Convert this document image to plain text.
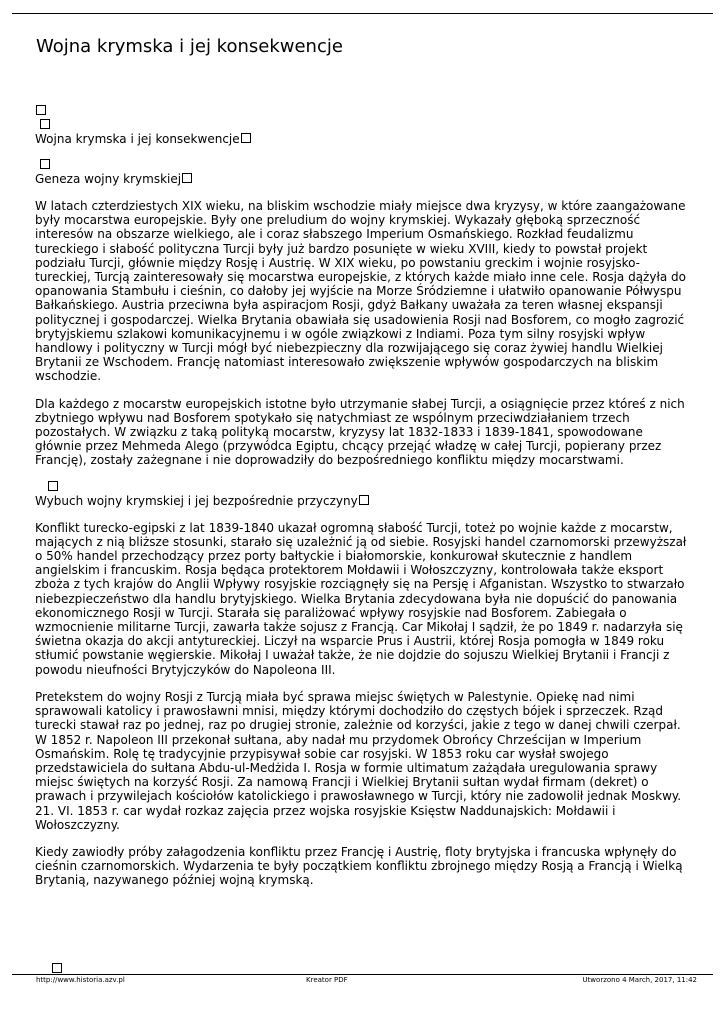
Wojna krymska i jej konsekwencje
Wojna krymska i jej konsekwencje
Geneza wojny krymskiej

W latach czterdziestych XIX wieku, na bliskim wschodzie miały miejsce dwa kryzysy, w które zaangażowane były mocarstwa europejskie. Były one preludium do wojny krymskiej. Wykazały głęboką sprzeczność interesów na obszarze wielkiego, ale i coraz słabszego Imperium Osmańskiego. Rozkład feudalizmu tureckiego i słabość polityczna Turcji były już bardzo posunięte w wieku XVIII, kiedy to powstał projekt podziału Turcji, głównie między Rosję i Austrię. W XIX wieku, po powstaniu greckim i wojnie rosyjsko-tureckiej, Turcją zainteresowały się mocarstwa europejskie, z których każde miało inne cele. Rosja dążyła do opanowania Stambułu i cieśnin, co dałoby jej wyjście na Morze Śródziemne i ułatwiło opanowanie Półwyspu Bałkańskiego. Austria przeciwna była aspiracjom Rosji, gdyż Bałkany uważała za teren własnej ekspansji politycznej i gospodarczej. Wielka Brytania obawiała się usadowienia Rosji nad Bosforem, co mogło zagrozić brytyjskiemu szlakowi komunikacyjnemu i w ogóle związkowi z Indiami. Poza tym silny rosyjski wpływ handlowy i polityczny w Turcji mógł być niebezpieczny dla rozwijającego się coraz żywiej handlu Wielkiej Brytanii ze Wschodem. Francję natomiast interesowało zwiększenie wpływów gospodarczych na bliskim wschodzie.

Dla każdego z mocarstw europejskich istotne było utrzymanie słabej Turcji, a osiągnięcie przez któreś z nich zbytniego wpływu nad Bosforem spotykało się natychmiast ze wspólnym przeciwdziałaniem trzech pozostałych. W związku z taką polityką mocarstw, kryzysy lat 1832-1833 i 1839-1841, spowodowane głównie przez Mehmeda Alego (przywódca Egiptu, chcący przejąć władzę w całej Turcji, popierany przez Francję), zostały zażegnane i nie doprowadziły do bezpośredniego konfliktu między mocarstwami.

Wybuch wojny krymskiej i jej bezpośrednie przyczyny

Konflikt turecko-egipski z lat 1839-1840 ukazał ogromną słabość Turcji, toteż po wojnie każde z mocarstw, mających z nią bliższe stosunki, starało się uzależnić ją od siebie. Rosyjski handel czarnomorski przewyższał o 50% handel przechodzący przez porty bałtyckie i białomorskie, konkurował skutecznie z handlem angielskim i francuskim. Rosja będąca protektorem Mołdawii i Wołoszczyzny, kontrolowała także eksport zboża z tych krajów do Anglii Wpływy rosyjskie rozciągnęły się na Persję i Afganistan. Wszystko to stwarzało niebezpieczeństwo dla handlu brytyjskiego. Wielka Brytania zdecydowana była nie dopuścić do panowania ekonomicznego Rosji w Turcji. Starała się paraliżować wpływy rosyjskie nad Bosforem. Zabiegała o wzmocnienie militarne Turcji, zawarła także sojusz z Francją. Car Mikołaj I sądził, że po 1849 r. nadarzyła się świetna okazja do akcji antytureckiej. Liczył na wsparcie Prus i Austrii, której Rosja pomogła w 1849 roku stłumić powstanie węgierskie. Mikołaj I uważał także, że nie dojdzie do sojuszu Wielkiej Brytanii i Francji z powodu nieufności Brytyjczyków do Napoleona III.

Pretekstem do wojny Rosji z Turcją miała być sprawa miejsc świętych w Palestynie. Opiekę nad nimi sprawowali katolicy i prawosławni mnisi, między którymi dochodziło do częstych bójek i sprzeczek. Rząd turecki stawał raz po jednej, raz po drugiej stronie, zależnie od korzyści, jakie z tego w danej chwili czerpał. W 1852 r. Napoleon III przekonał sułtana, aby nadał mu przydomek Obrońcy Chrześcijan w Imperium Osmańskim. Rolę tę tradycyjnie przypisywał sobie car rosyjski. W 1853 roku car wysłał swojego przedstawiciela do sułtana Abdu-ul-Medżida I. Rosja w formie ultimatum zażądała uregulowania sprawy miejsc świętych na korzyść Rosji. Za namową Francji i Wielkiej Brytanii sułtan wydał firmam (dekret) o prawach i przywilejach kościołów katolickiego i prawosławnego w Turcji, który nie zadowolił jednak Moskwy. 21. VI. 1853 r. car wydał rozkaz zajęcia przez wojska rosyjskie Księstw Naddunajskich: Mołdawii i Wołoszczyzny.

Kiedy zawiodły próby załagodzenia konfliktu przez Francję i Austrię, floty brytyjska i francuska wpłynęły do cieśnin czarnomorskich. Wydarzenia te były początkiem konfliktu zbrojnego między Rosją a Francją i Wielką Brytanią, nazywanego później wojną krymską.

http://www.historia.azv.pl	Kreator PDF	Utworzono 4 March, 2017, 11:42
